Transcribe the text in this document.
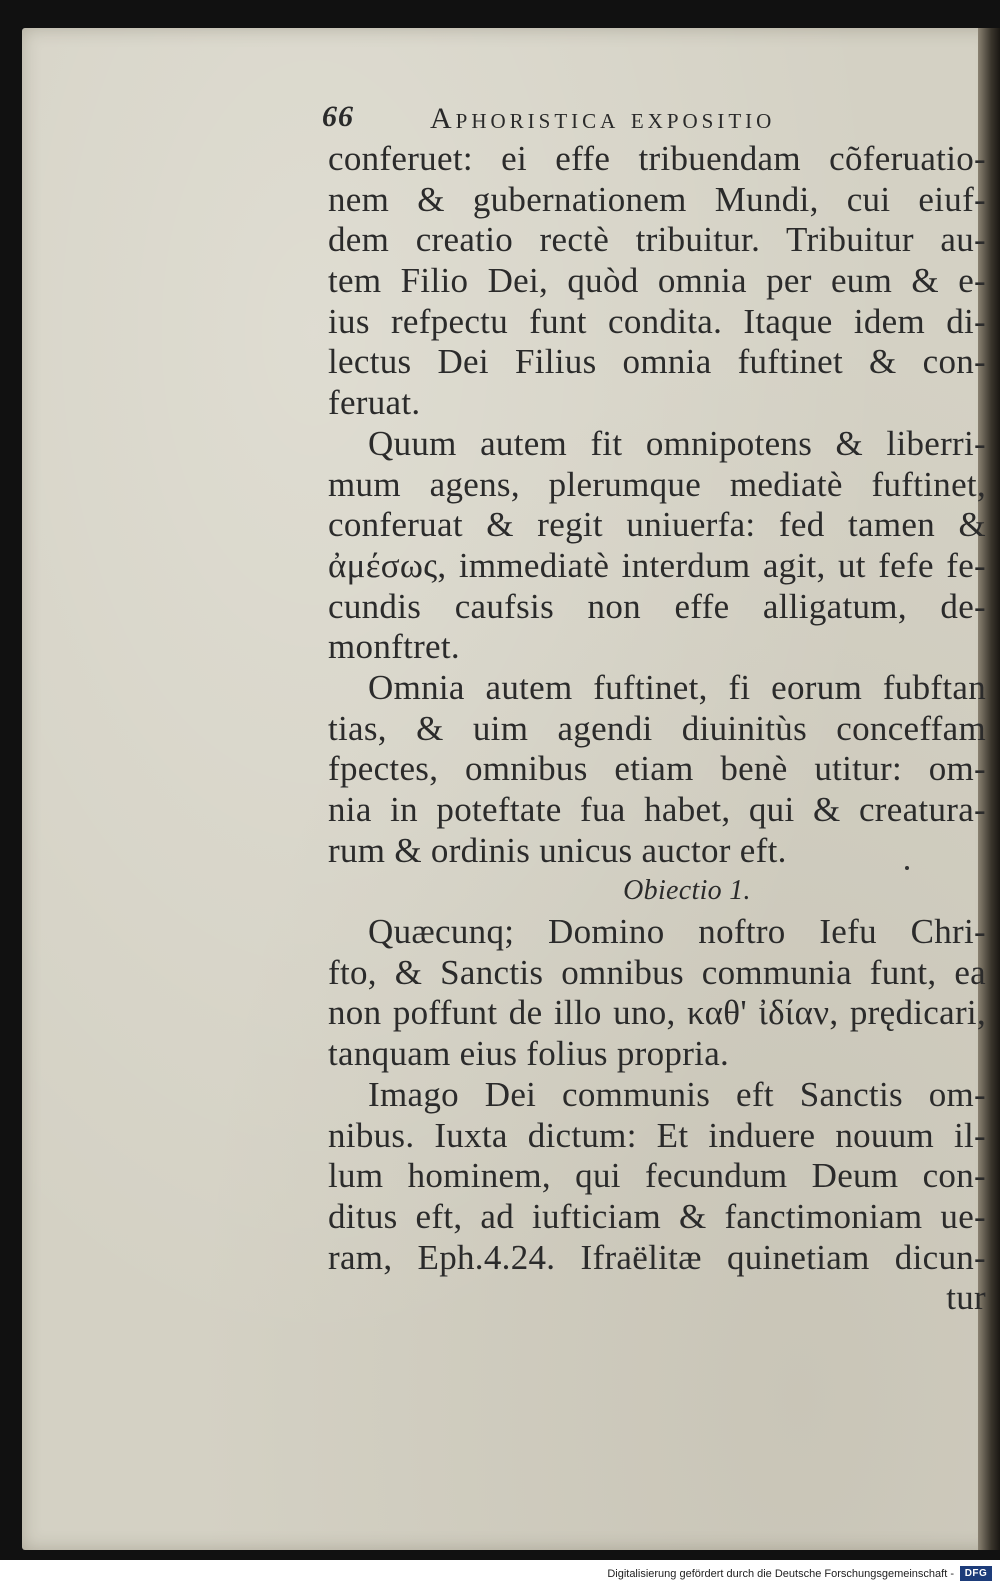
66	Aphoristica expositio
conferuet: ei effe tribuendam cõferuatio-
nem & gubernationem Mundi, cui eiuf-
dem creatio rectè tribuitur. Tribuitur au-
tem Filio Dei, quòd omnia per eum & e-
ius refpectu funt condita. Itaque idem di-
lectus Dei Filius omnia fuftinet & con-
feruat.
Quum autem fit omnipotens & liberri-
mum agens, plerumque mediatè fuftinet,
conferuat & regit uniuerfa: fed tamen &
ἀμέσως, immediatè interdum agit, ut fefe fe-
cundis caufsis non effe alligatum, de-
monftret.
Omnia autem fuftinet, fi eorum fubftan
tias, & uim agendi diuinitùs conceffam
fpectes, omnibus etiam benè utitur: om-
nia in poteftate fua habet, qui & creatura-
rum & ordinis unicus auctor eft.
Obiectio 1.
Quæcunq; Domino noftro Iefu Chri-
fto, & Sanctis omnibus communia funt, ea
non poffunt de illo uno, καθ' ἰδίαν, prędicari,
tanquam eius folius propria.
Imago Dei communis eft Sanctis om-
nibus. Iuxta dictum: Et induere nouum il-
lum hominem, qui fecundum Deum con-
ditus eft, ad iufticiam & fanctimoniam ue-
ram, Eph.4.24. Ifraëlitæ quinetiam dicun-
tur
Digitalisierung gefördert durch die Deutsche Forschungsgemeinschaft -	DFG
